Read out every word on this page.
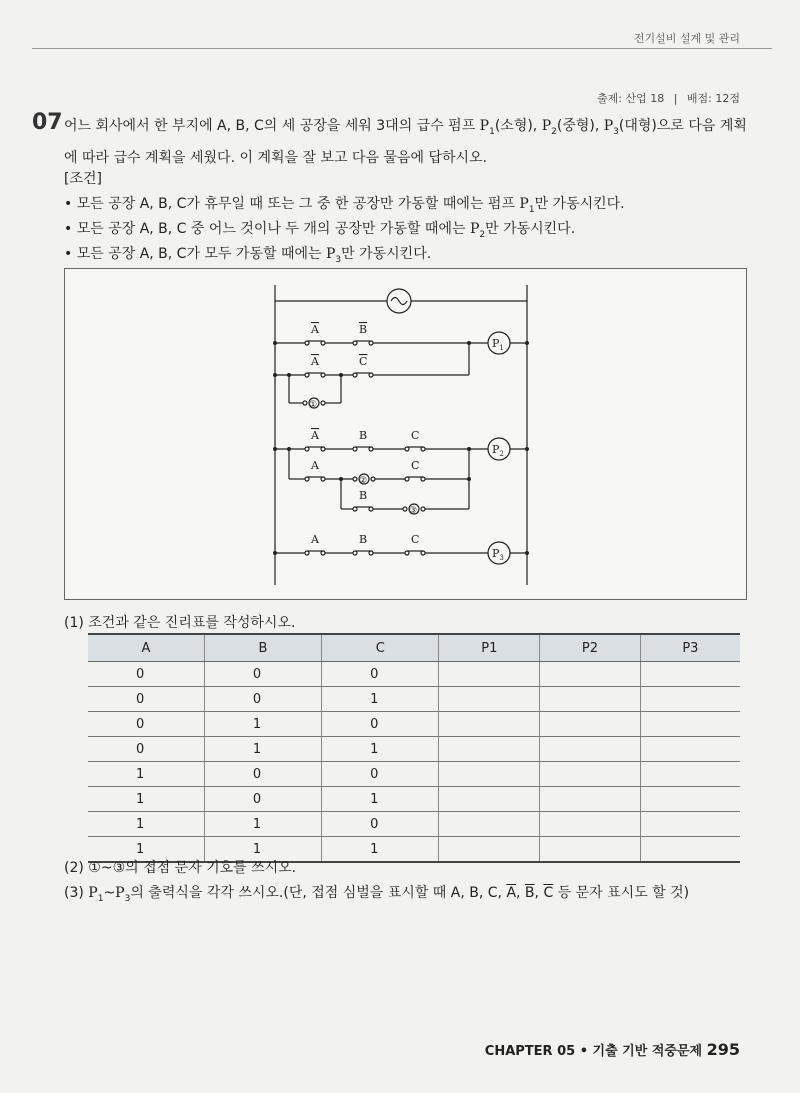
전기설비 설계 및 관리
출제: 산업 18 | 배점: 12점
07 어느 회사에서 한 부지에 A, B, C의 세 공장을 세워 3대의 급수 펌프 $P_1$(소형), $P_2$(중형), $P_3$(대형)으로 다음 계획에 따라 급수 계획을 세웠다. 이 계획을 잘 보고 다음 물음에 답하시오.
[조건]
• 모든 공장 A, B, C가 휴무일 때 또는 그 중 한 공장만 가동할 때에는 펌프 $P_1$만 가동시킨다.
• 모든 공장 A, B, C 중 어느 것이나 두 개의 공장만 가동할 때에는 $P_2$만 가동시킨다.
• 모든 공장 A, B, C가 모두 가동할 때에는 $P_3$만 가동시킨다.
A	B
$P_1$
A	C
①
A	B	C
$P_2$
②
A	C
③
B
A	B	C
$P_3$
(1) 조건과 같은 진리표를 작성하시오.
A	B	C	P1	P2	P3
0	0	0			
0	0	1			
0	1	0			
0	1	1			
1	0	0			
1	0	1			
1	1	0			
1	1	1			
(2) ①~③의 접점 문자 기호를 쓰시오.
(3) $P_1\sim P_3$의 출력식을 각각 쓰시오.(단, 접점 심벌을 표시할 때 A, B, C, $\overline{A}$, $\overline{B}$, $\overline{C}$ 등 문자 표시도 할 것)
CHAPTER 05 • 기출 기반 적중문제 295
